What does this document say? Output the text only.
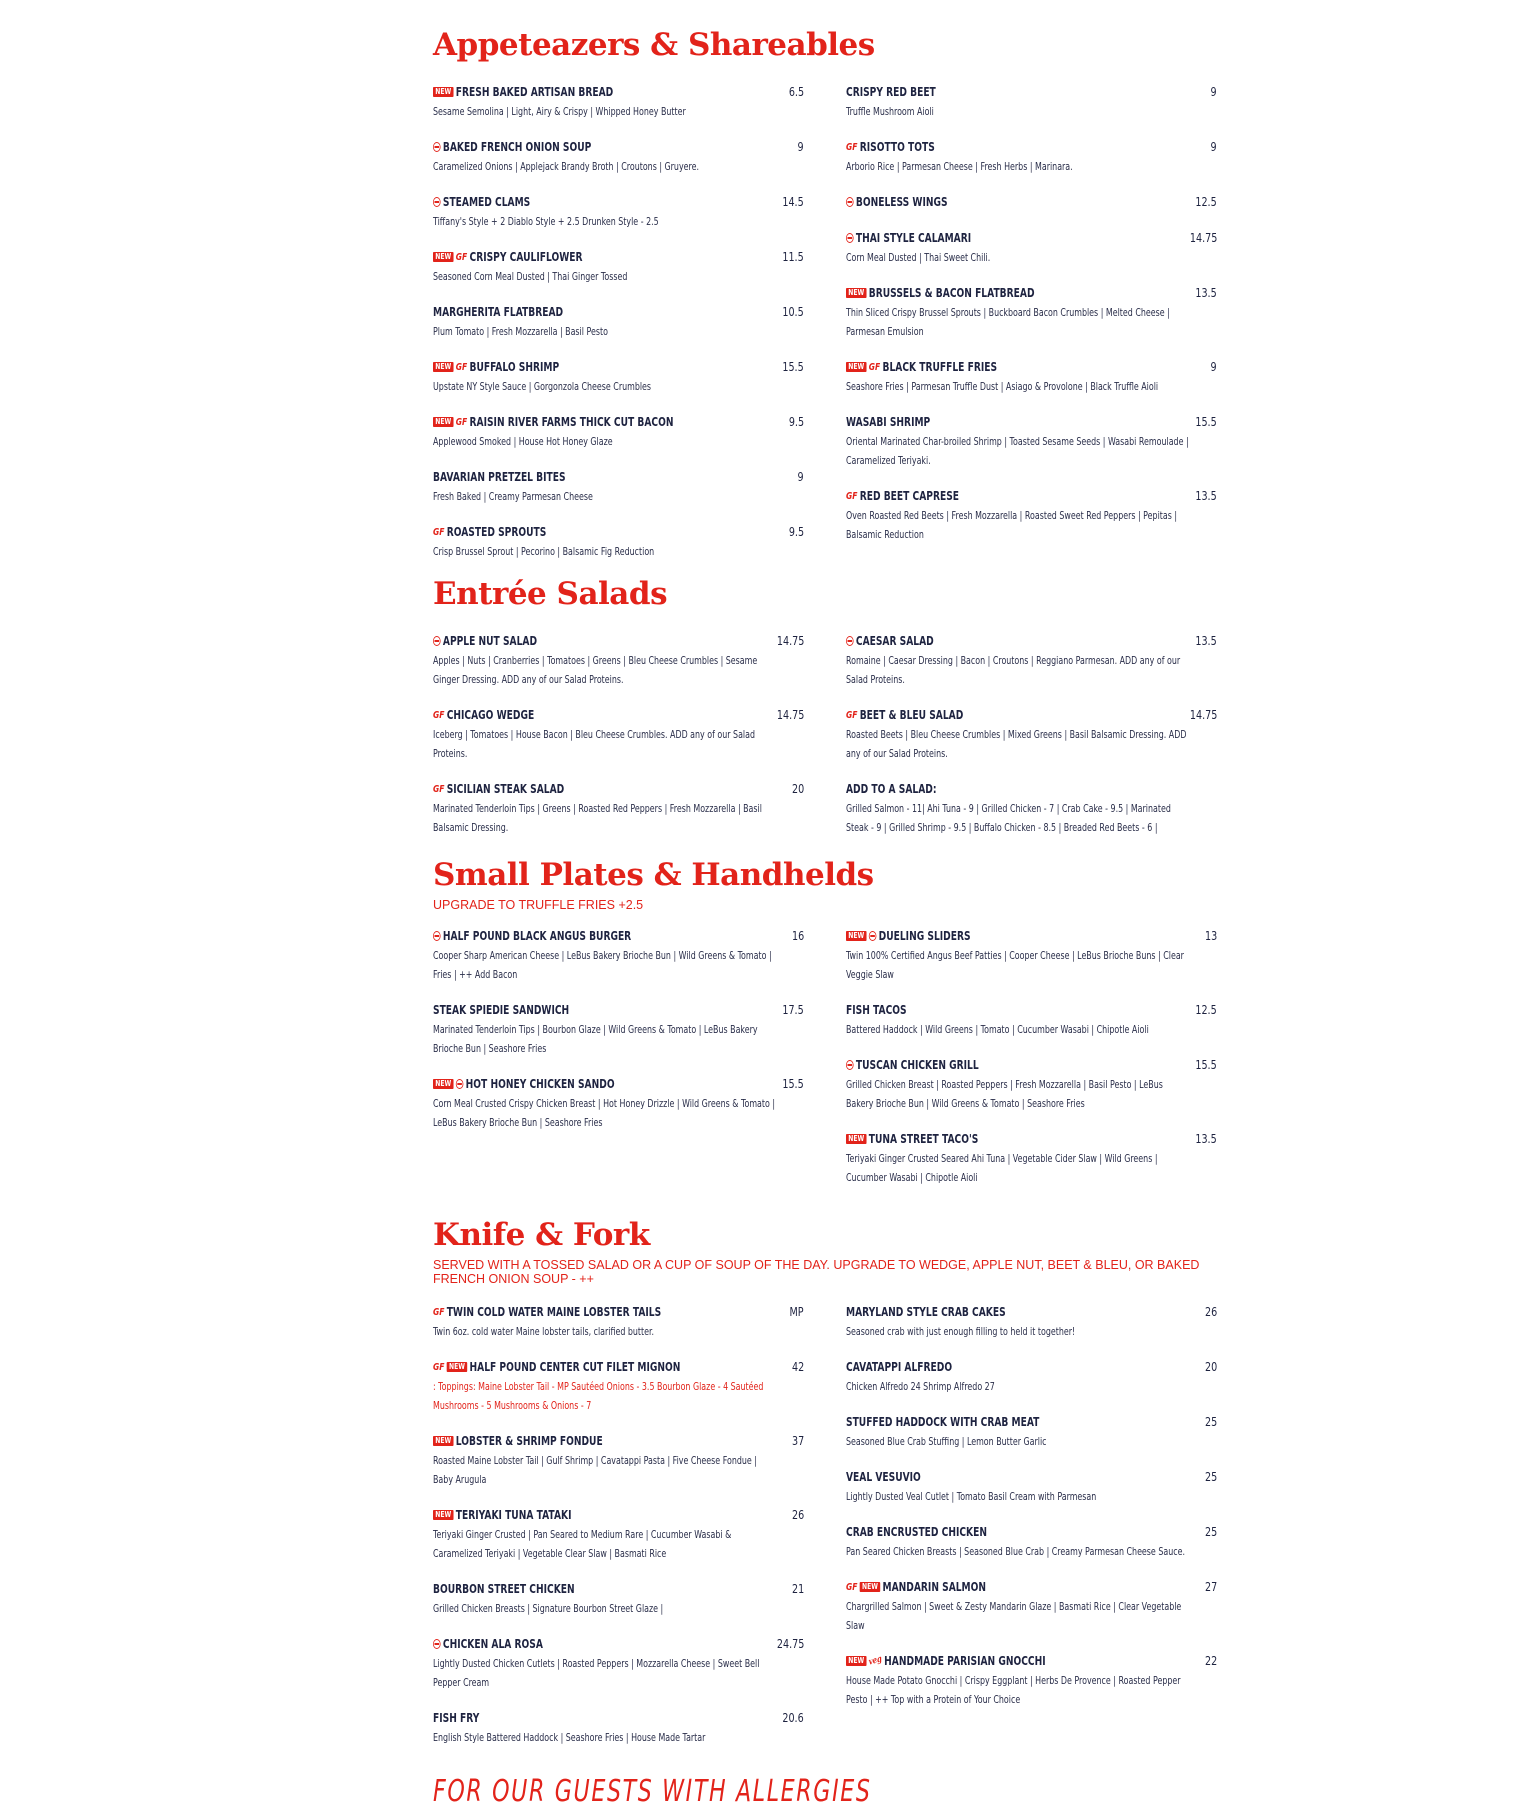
Appeteazers & Shareables
NEW FRESH BAKED ARTISAN BREAD	6.5
Sesame Semolina | Light, Airy & Crispy | Whipped Honey Butter
BAKED FRENCH ONION SOUP	9
Caramelized Onions | Applejack Brandy Broth | Croutons | Gruyere.
STEAMED CLAMS	14.5
Tiffany's Style + 2 Diablo Style + 2.5 Drunken Style - 2.5
NEW GF CRISPY CAULIFLOWER	11.5
Seasoned Corn Meal Dusted | Thai Ginger Tossed
MARGHERITA FLATBREAD	10.5
Plum Tomato | Fresh Mozzarella | Basil Pesto
NEW GF BUFFALO SHRIMP	15.5
Upstate NY Style Sauce | Gorgonzola Cheese Crumbles
NEW GF RAISIN RIVER FARMS THICK CUT BACON	9.5
Applewood Smoked | House Hot Honey Glaze
BAVARIAN PRETZEL BITES	9
Fresh Baked | Creamy Parmesan Cheese
GF ROASTED SPROUTS	9.5
Crisp Brussel Sprout | Pecorino | Balsamic Fig Reduction
CRISPY RED BEET	9
Truffle Mushroom Aioli
GF RISOTTO TOTS	9
Arborio Rice | Parmesan Cheese | Fresh Herbs | Marinara.
BONELESS WINGS	12.5
THAI STYLE CALAMARI	14.75
Corn Meal Dusted | Thai Sweet Chili.
NEW BRUSSELS & BACON FLATBREAD	13.5
Thin Sliced Crispy Brussel Sprouts | Buckboard Bacon Crumbles | Melted Cheese | Parmesan Emulsion
NEW GF BLACK TRUFFLE FRIES	9
Seashore Fries | Parmesan Truffle Dust | Asiago & Provolone | Black Truffle Aioli
WASABI SHRIMP	15.5
Oriental Marinated Char-broiled Shrimp | Toasted Sesame Seeds | Wasabi Remoulade | Caramelized Teriyaki.
GF RED BEET CAPRESE	13.5
Oven Roasted Red Beets | Fresh Mozzarella | Roasted Sweet Red Peppers | Pepitas | Balsamic Reduction
Entrée Salads
APPLE NUT SALAD	14.75
Apples | Nuts | Cranberries | Tomatoes | Greens | Bleu Cheese Crumbles | Sesame Ginger Dressing. ADD any of our Salad Proteins.
GF CHICAGO WEDGE	14.75
Iceberg | Tomatoes | House Bacon | Bleu Cheese Crumbles. ADD any of our Salad Proteins.
GF SICILIAN STEAK SALAD	20
Marinated Tenderloin Tips | Greens | Roasted Red Peppers | Fresh Mozzarella | Basil Balsamic Dressing.
CAESAR SALAD	13.5
Romaine | Caesar Dressing | Bacon | Croutons | Reggiano Parmesan. ADD any of our Salad Proteins.
GF BEET & BLEU SALAD	14.75
Roasted Beets | Bleu Cheese Crumbles | Mixed Greens | Basil Balsamic Dressing. ADD any of our Salad Proteins.
ADD TO A SALAD:
Grilled Salmon - 11| Ahi Tuna - 9 | Grilled Chicken - 7 | Crab Cake - 9.5 | Marinated Steak - 9 | Grilled Shrimp - 9.5 | Buffalo Chicken - 8.5 | Breaded Red Beets - 6 |
Small Plates & Handhelds
UPGRADE TO TRUFFLE FRIES +2.5
HALF POUND BLACK ANGUS BURGER	16
Cooper Sharp American Cheese | LeBus Bakery Brioche Bun | Wild Greens & Tomato | Fries | ++ Add Bacon
STEAK SPIEDIE SANDWICH	17.5
Marinated Tenderloin Tips | Bourbon Glaze | Wild Greens & Tomato | LeBus Bakery Brioche Bun | Seashore Fries
NEW HOT HONEY CHICKEN SANDO	15.5
Corn Meal Crusted Crispy Chicken Breast | Hot Honey Drizzle | Wild Greens & Tomato | LeBus Bakery Brioche Bun | Seashore Fries
NEW DUELING SLIDERS	13
Twin 100% Certified Angus Beef Patties | Cooper Cheese | LeBus Brioche Buns | Clear Veggie Slaw
FISH TACOS	12.5
Battered Haddock | Wild Greens | Tomato | Cucumber Wasabi | Chipotle Aioli
TUSCAN CHICKEN GRILL	15.5
Grilled Chicken Breast | Roasted Peppers | Fresh Mozzarella | Basil Pesto | LeBus Bakery Brioche Bun | Wild Greens & Tomato | Seashore Fries
NEW TUNA STREET TACO'S	13.5
Teriyaki Ginger Crusted Seared Ahi Tuna | Vegetable Cider Slaw | Wild Greens | Cucumber Wasabi | Chipotle Aioli
Knife & Fork
SERVED WITH A TOSSED SALAD OR A CUP OF SOUP OF THE DAY. UPGRADE TO WEDGE, APPLE NUT, BEET & BLEU, OR BAKED FRENCH ONION SOUP - ++
GF TWIN COLD WATER MAINE LOBSTER TAILS	MP
Twin 6oz. cold water Maine lobster tails, clarified butter.
GF NEW HALF POUND CENTER CUT FILET MIGNON	42
: Toppings: Maine Lobster Tail - MP Sautéed Onions - 3.5 Bourbon Glaze - 4 Sautéed Mushrooms - 5 Mushrooms & Onions - 7
NEW LOBSTER & SHRIMP FONDUE	37
Roasted Maine Lobster Tail | Gulf Shrimp | Cavatappi Pasta | Five Cheese Fondue | Baby Arugula
NEW TERIYAKI TUNA TATAKI	26
Teriyaki Ginger Crusted | Pan Seared to Medium Rare | Cucumber Wasabi & Caramelized Teriyaki | Vegetable Clear Slaw | Basmati Rice
BOURBON STREET CHICKEN	21
Grilled Chicken Breasts | Signature Bourbon Street Glaze |
CHICKEN ALA ROSA	24.75
Lightly Dusted Chicken Cutlets | Roasted Peppers | Mozzarella Cheese | Sweet Bell Pepper Cream
FISH FRY	20.6
English Style Battered Haddock | Seashore Fries | House Made Tartar
MARYLAND STYLE CRAB CAKES	26
Seasoned crab with just enough filling to held it together!
CAVATAPPI ALFREDO	20
Chicken Alfredo 24 Shrimp Alfredo 27
STUFFED HADDOCK WITH CRAB MEAT	25
Seasoned Blue Crab Stuffing | Lemon Butter Garlic
VEAL VESUVIO	25
Lightly Dusted Veal Cutlet | Tomato Basil Cream with Parmesan
CRAB ENCRUSTED CHICKEN	25
Pan Seared Chicken Breasts | Seasoned Blue Crab | Creamy Parmesan Cheese Sauce.
GF NEW MANDARIN SALMON	27
Chargrilled Salmon | Sweet & Zesty Mandarin Glaze | Basmati Rice | Clear Vegetable Slaw
NEW veg HANDMADE PARISIAN GNOCCHI	22
House Made Potato Gnocchi | Crispy Eggplant | Herbs De Provence | Roasted Pepper Pesto | ++ Top with a Protein of Your Choice
FOR OUR GUESTS WITH ALLERGIES
